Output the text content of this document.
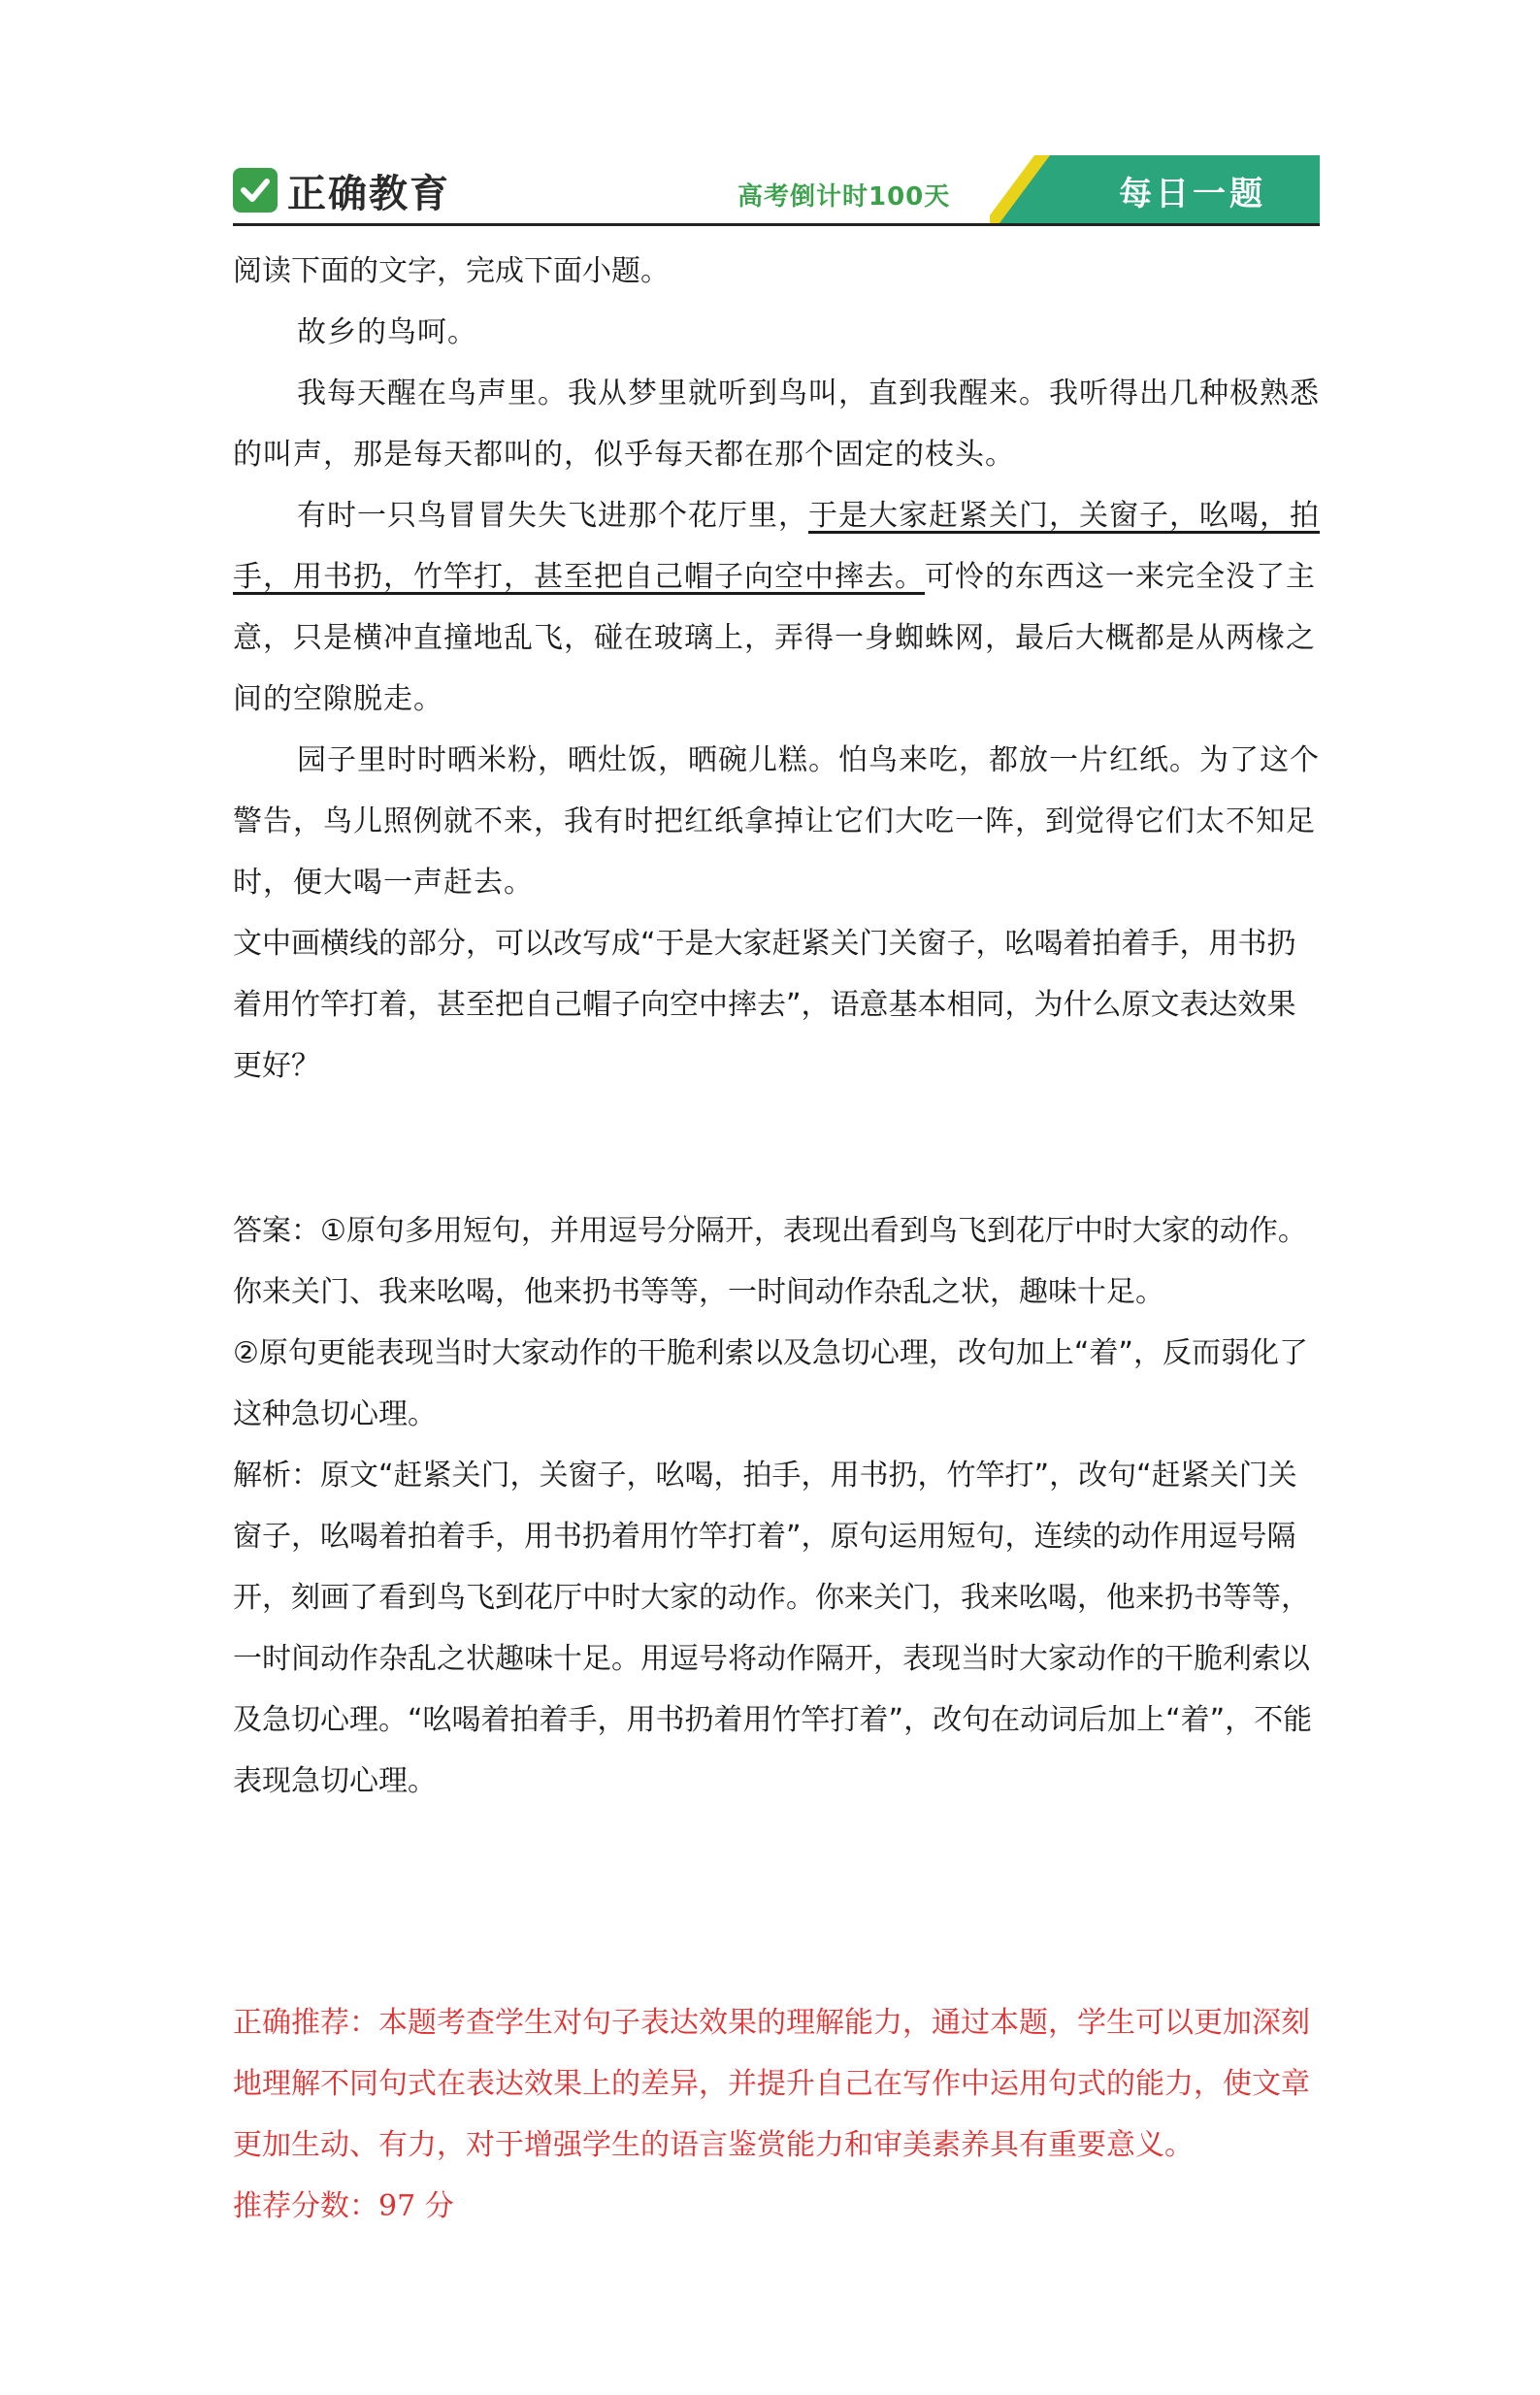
正确教育	高考倒计时100天	每日一题

阅读下面的文字，完成下面小题。

故乡的鸟呵。

我每天醒在鸟声里。我从梦里就听到鸟叫，直到我醒来。我听得出几种极熟悉的叫声，那是每天都叫的，似乎每天都在那个固定的枝头。

有时一只鸟冒冒失失飞进那个花厅里，于是大家赶紧关门，关窗子，吆喝，拍手，用书扔，竹竿打，甚至把自己帽子向空中摔去。可怜的东西这一来完全没了主意，只是横冲直撞地乱飞，碰在玻璃上，弄得一身蜘蛛网，最后大概都是从两椽之间的空隙脱走。

园子里时时晒米粉，晒灶饭，晒碗儿糕。怕鸟来吃，都放一片红纸。为了这个警告，鸟儿照例就不来，我有时把红纸拿掉让它们大吃一阵，到觉得它们太不知足时，便大喝一声赶去。

文中画横线的部分，可以改写成“于是大家赶紧关门关窗子，吆喝着拍着手，用书扔着用竹竿打着，甚至把自己帽子向空中摔去”，语意基本相同，为什么原文表达效果更好？

答案：①原句多用短句，并用逗号分隔开，表现出看到鸟飞到花厅中时大家的动作。你来关门、我来吆喝，他来扔书等等，一时间动作杂乱之状，趣味十足。

②原句更能表现当时大家动作的干脆利索以及急切心理，改句加上“着”，反而弱化了这种急切心理。

解析：原文“赶紧关门，关窗子，吆喝，拍手，用书扔，竹竿打”，改句“赶紧关门关窗子，吆喝着拍着手，用书扔着用竹竿打着”，原句运用短句，连续的动作用逗号隔开，刻画了看到鸟飞到花厅中时大家的动作。你来关门，我来吆喝，他来扔书等等，一时间动作杂乱之状趣味十足。用逗号将动作隔开，表现当时大家动作的干脆利索以及急切心理。“吆喝着拍着手，用书扔着用竹竿打着”，改句在动词后加上“着”，不能表现急切心理。

正确推荐：本题考查学生对句子表达效果的理解能力，通过本题，学生可以更加深刻地理解不同句式在表达效果上的差异，并提升自己在写作中运用句式的能力，使文章更加生动、有力，对于增强学生的语言鉴赏能力和审美素养具有重要意义。

推荐分数：97 分
